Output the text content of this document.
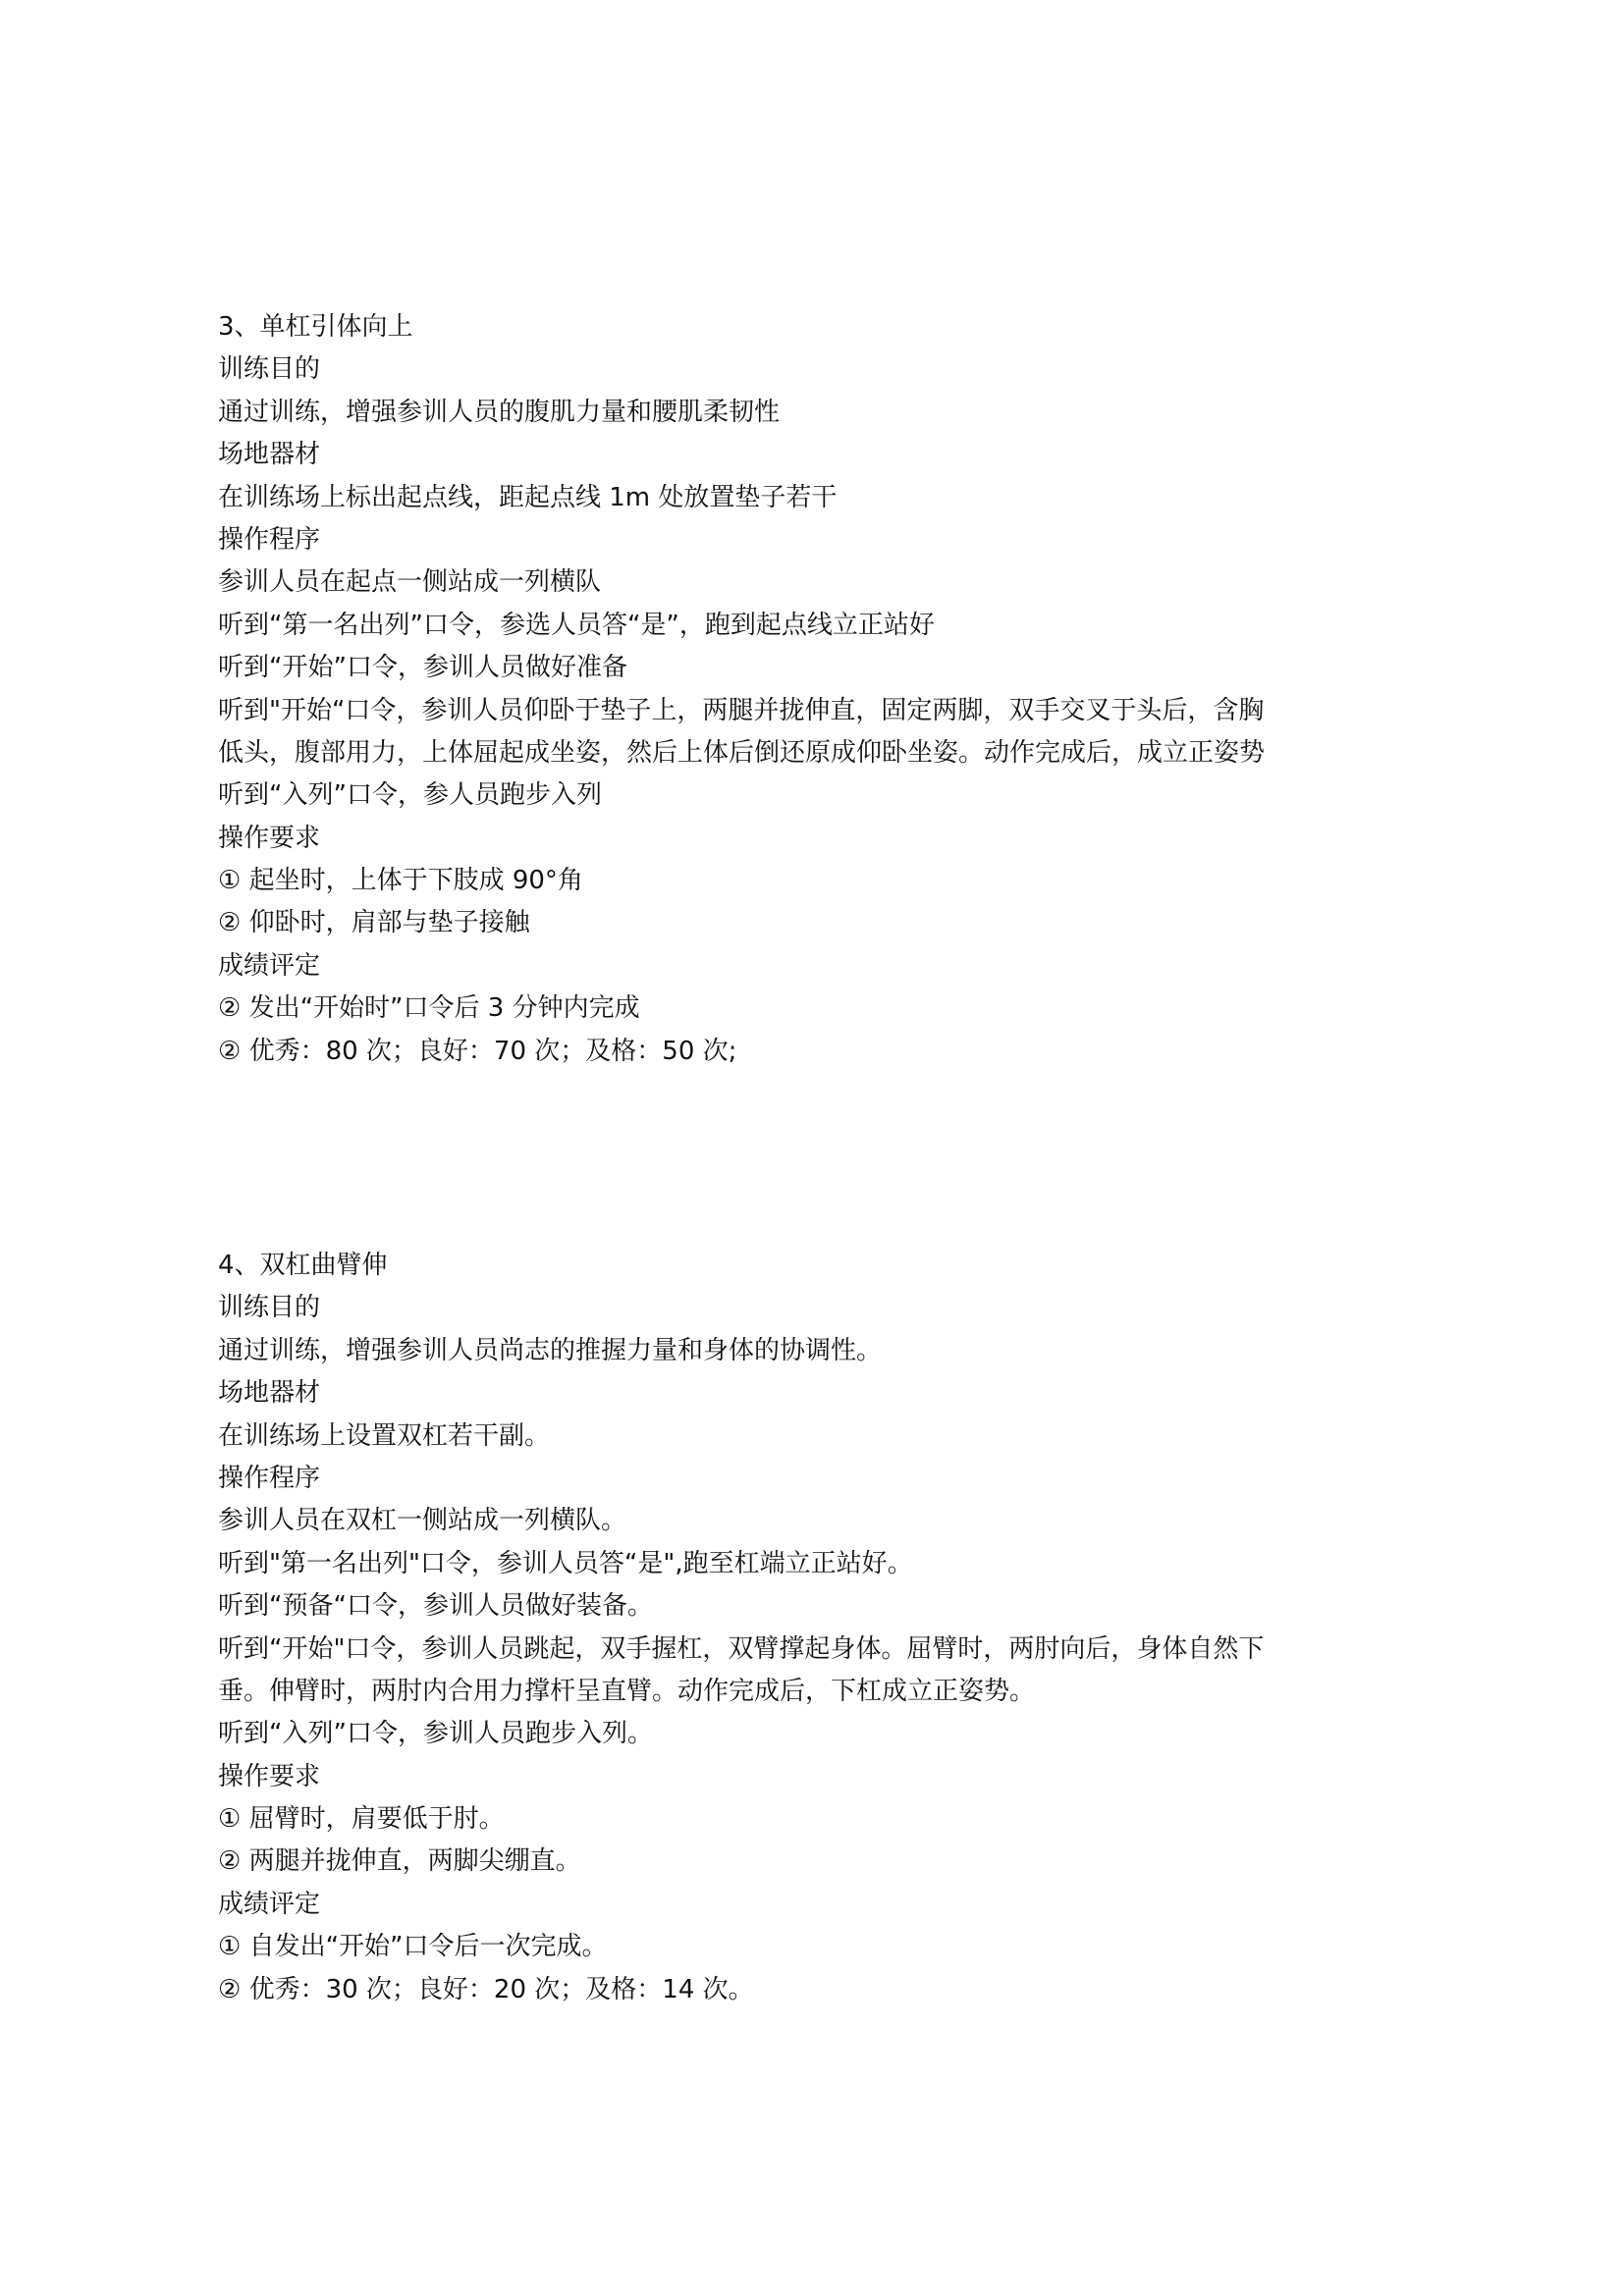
3、单杠引体向上

训练目的

通过训练，增强参训人员的腹肌力量和腰肌柔韧性

场地器材

在训练场上标出起点线，距起点线 1m 处放置垫子若干

操作程序

参训人员在起点一侧站成一列横队

听到“第一名出列”口令，参选人员答“是”，跑到起点线立正站好

听到“开始”口令，参训人员做好准备

听到"开始“口令，参训人员仰卧于垫子上，两腿并拢伸直，固定两脚，双手交叉于头后，含胸

低头，腹部用力，上体屈起成坐姿，然后上体后倒还原成仰卧坐姿。动作完成后，成立正姿势

听到“入列”口令，参人员跑步入列

操作要求

① 起坐时，上体于下肢成 90°角

② 仰卧时，肩部与垫子接触

成绩评定

② 发出“开始时”口令后 3 分钟内完成

② 优秀：80 次；良好：70 次；及格：50 次;

4、双杠曲臂伸

训练目的

通过训练，增强参训人员尚志的推握力量和身体的协调性。

场地器材

在训练场上设置双杠若干副。

操作程序

参训人员在双杠一侧站成一列横队。

听到"第一名出列"口令，参训人员答“是",跑至杠端立正站好。

听到“预备“口令，参训人员做好装备。

听到“开始"口令，参训人员跳起，双手握杠，双臂撑起身体。屈臂时，两肘向后，身体自然下

垂。伸臂时，两肘内合用力撑杆呈直臂。动作完成后，下杠成立正姿势。

听到“入列”口令，参训人员跑步入列。

操作要求

① 屈臂时，肩要低于肘。

② 两腿并拢伸直，两脚尖绷直。

成绩评定

① 自发出“开始”口令后一次完成。

② 优秀：30 次；良好：20 次；及格：14 次。
